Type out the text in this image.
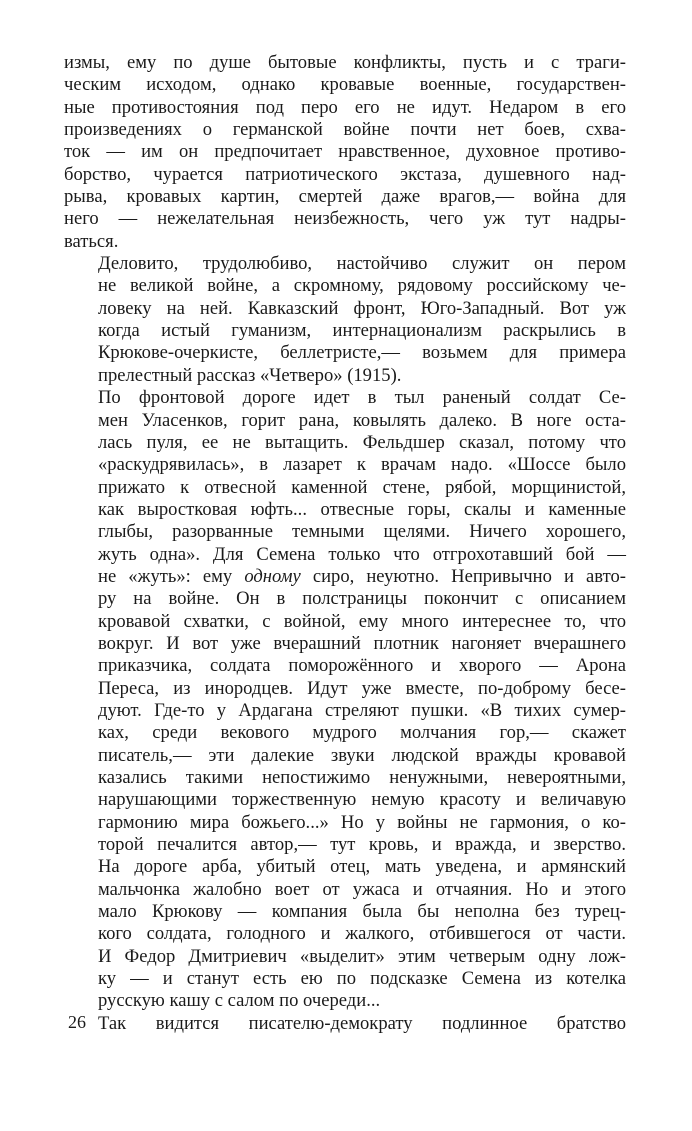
измы, ему по душе бытовые конфликты, пусть и с траги-
ческим исходом, однако кровавые военные, государствен-
ные противостояния под перо его не идут. Недаром в его
произведениях о германской войне почти нет боев, схва-
ток — им он предпочитает нравственное, духовное противо-
борство, чурается патриотического экстаза, душевного над-
рыва, кровавых картин, смертей даже врагов,— война для
него — нежелательная неизбежность, чего уж тут надры-
ваться.
Деловито, трудолюбиво, настойчиво служит он пером
не великой войне, а скромному, рядовому российскому че-
ловеку на ней. Кавказский фронт, Юго-Западный. Вот уж
когда истый гуманизм, интернационализм раскрылись в
Крюкове-очеркисте, беллетристе,— возьмем для примера
прелестный рассказ «Четверо» (1915).
По фронтовой дороге идет в тыл раненый солдат Се-
мен Уласенков, горит рана, ковылять далеко. В ноге оста-
лась пуля, ее не вытащить. Фельдшер сказал, потому что
«раскудрявилась», в лазарет к врачам надо. «Шоссе было
прижато к отвесной каменной стене, рябой, морщинистой,
как выростковая юфть... отвесные горы, скалы и каменные
глыбы, разорванные темными щелями. Ничего хорошего,
жуть одна». Для Семена только что отгрохотавший бой —
не «жуть»: ему одному сиро, неуютно. Непривычно и авто-
ру на войне. Он в полстраницы покончит с описанием
кровавой схватки, с войной, ему много интереснее то, что
вокруг. И вот уже вчерашний плотник нагоняет вчерашнего
приказчика, солдата поморожённого и хворого — Арона
Переса, из инородцев. Идут уже вместе, по-доброму бесе-
дуют. Где-то у Ардагана стреляют пушки. «В тихих сумер-
ках, среди векового мудрого молчания гор,— скажет
писатель,— эти далекие звуки людской вражды кровавой
казались такими непостижимо ненужными, невероятными,
нарушающими торжественную немую красоту и величавую
гармонию мира божьего...» Но у войны не гармония, о ко-
торой печалится автор,— тут кровь, и вражда, и зверство.
На дороге арба, убитый отец, мать уведена, и армянский
мальчонка жалобно воет от ужаса и отчаяния. Но и этого
мало Крюкову — компания была бы неполна без турец-
кого солдата, голодного и жалкого, отбившегося от части.
И Федор Дмитриевич «выделит» этим четверым одну лож-
ку — и станут есть ею по подсказке Семена из котелка
русскую кашу с салом по очереди...
Так видится писателю-демократу подлинное братство
26
